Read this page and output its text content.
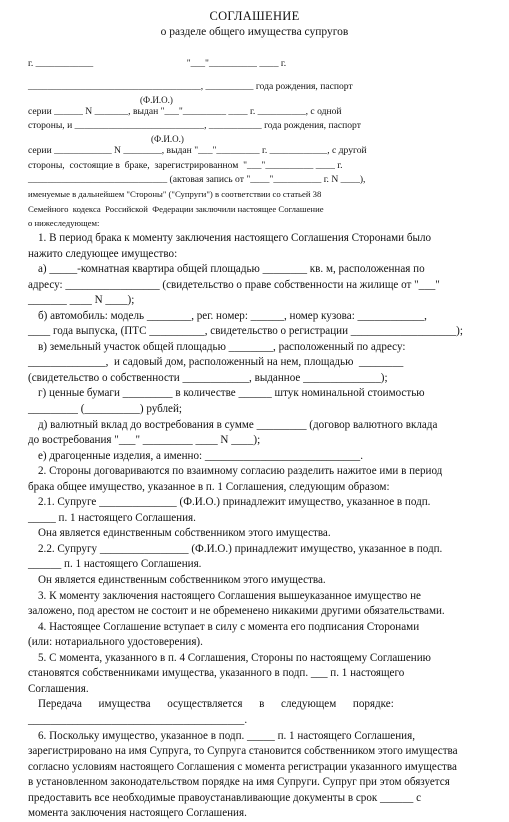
СОГЛАШЕНИЕ
о разделе общего имущества супругов

г. ____________                                       "___"__________ ____ г.

____________________________________, __________ года рождения, паспорт

(Ф.И.О.)

серии ______ N _______, выдан "___"_________ ____ г. __________, с одной

стороны, и ___________________________, ___________ года рождения, паспорт

(Ф.И.О.)

серии ____________ N ________, выдан "___"_________ г. ____________, с другой

стороны,  состоящие в  браке,  зарегистрированном  "___"__________ ____ г.

_____________________________ (актовая запись от "____"__________ г. N ____),

именуемые в дальнейшем "Стороны" ("Супруги") в соответствии со статьей 38

Семейного  кодекса  Российской  Федерации заключили настоящее Соглашение

о нижеследующем:

1. В период брака к моменту заключения настоящего Соглашения Сторонами было

нажито следующее имущество:

а) _____-комнатная квартира общей площадью ________ кв. м, расположенная по

адресу: _________________ (свидетельство о праве собственности на жилище от "___"

_______ ____ N ____);

б) автомобиль: модель ________, рег. номер: ______, номер кузова: ____________,

____ года выпуска, (ПТС __________, свидетельство о регистрации ___________________);

в) земельный участок общей площадью ________, расположенный по адресу:

______________,  и садовый дом, расположенный на нем, площадью  ________

(свидетельство о собственности ____________, выданное ______________);

г) ценные бумаги _________ в количестве ______ штук номинальной стоимостью

_________ (__________) рублей;

д) валютный вклад до востребования в сумме _________ (договор валютного вклада

до востребования "___" _________ ____ N ____);

е) драгоценные изделия, а именно: ____________________________.

2. Стороны договариваются по взаимному согласию разделить нажитое ими в период

брака общее имущество, указанное в п. 1 Соглашения, следующим образом:

2.1. Супруге ______________ (Ф.И.О.) принадлежит имущество, указанное в подп.

_____ п. 1 настоящего Соглашения.

Она является единственным собственником этого имущества.

2.2. Супругу ________________ (Ф.И.О.) принадлежит имущество, указанное в подп.

______ п. 1 настоящего Соглашения.

Он является единственным собственником этого имущества.

3. К моменту заключения настоящего Соглашения вышеуказанное имущество не

заложено, под арестом не состоит и не обременено никакими другими обязательствами.

4. Настоящее Соглашение вступает в силу с момента его подписания Сторонами

(или: нотариального удостоверения).

5. С момента, указанного в п. 4 Соглашения, Стороны по настоящему Соглашению

становятся собственниками имущества, указанного в подп. ___ п. 1 настоящего

Соглашения.

Передача      имущества      осуществляется      в      следующем      порядке:

_______________________________________.

6. Поскольку имущество, указанное в подп. _____ п. 1 настоящего Соглашения,

зарегистрировано на имя Супруга, то Супруга становится собственником этого имущества

согласно условиям настоящего Соглашения с момента регистрации указанного имущества

в установленном законодательством порядке на имя Супруги. Супруг при этом обязуется

предоставить все необходимые правоустанавливающие документы в срок ______ с

момента заключения настоящего Соглашения.
